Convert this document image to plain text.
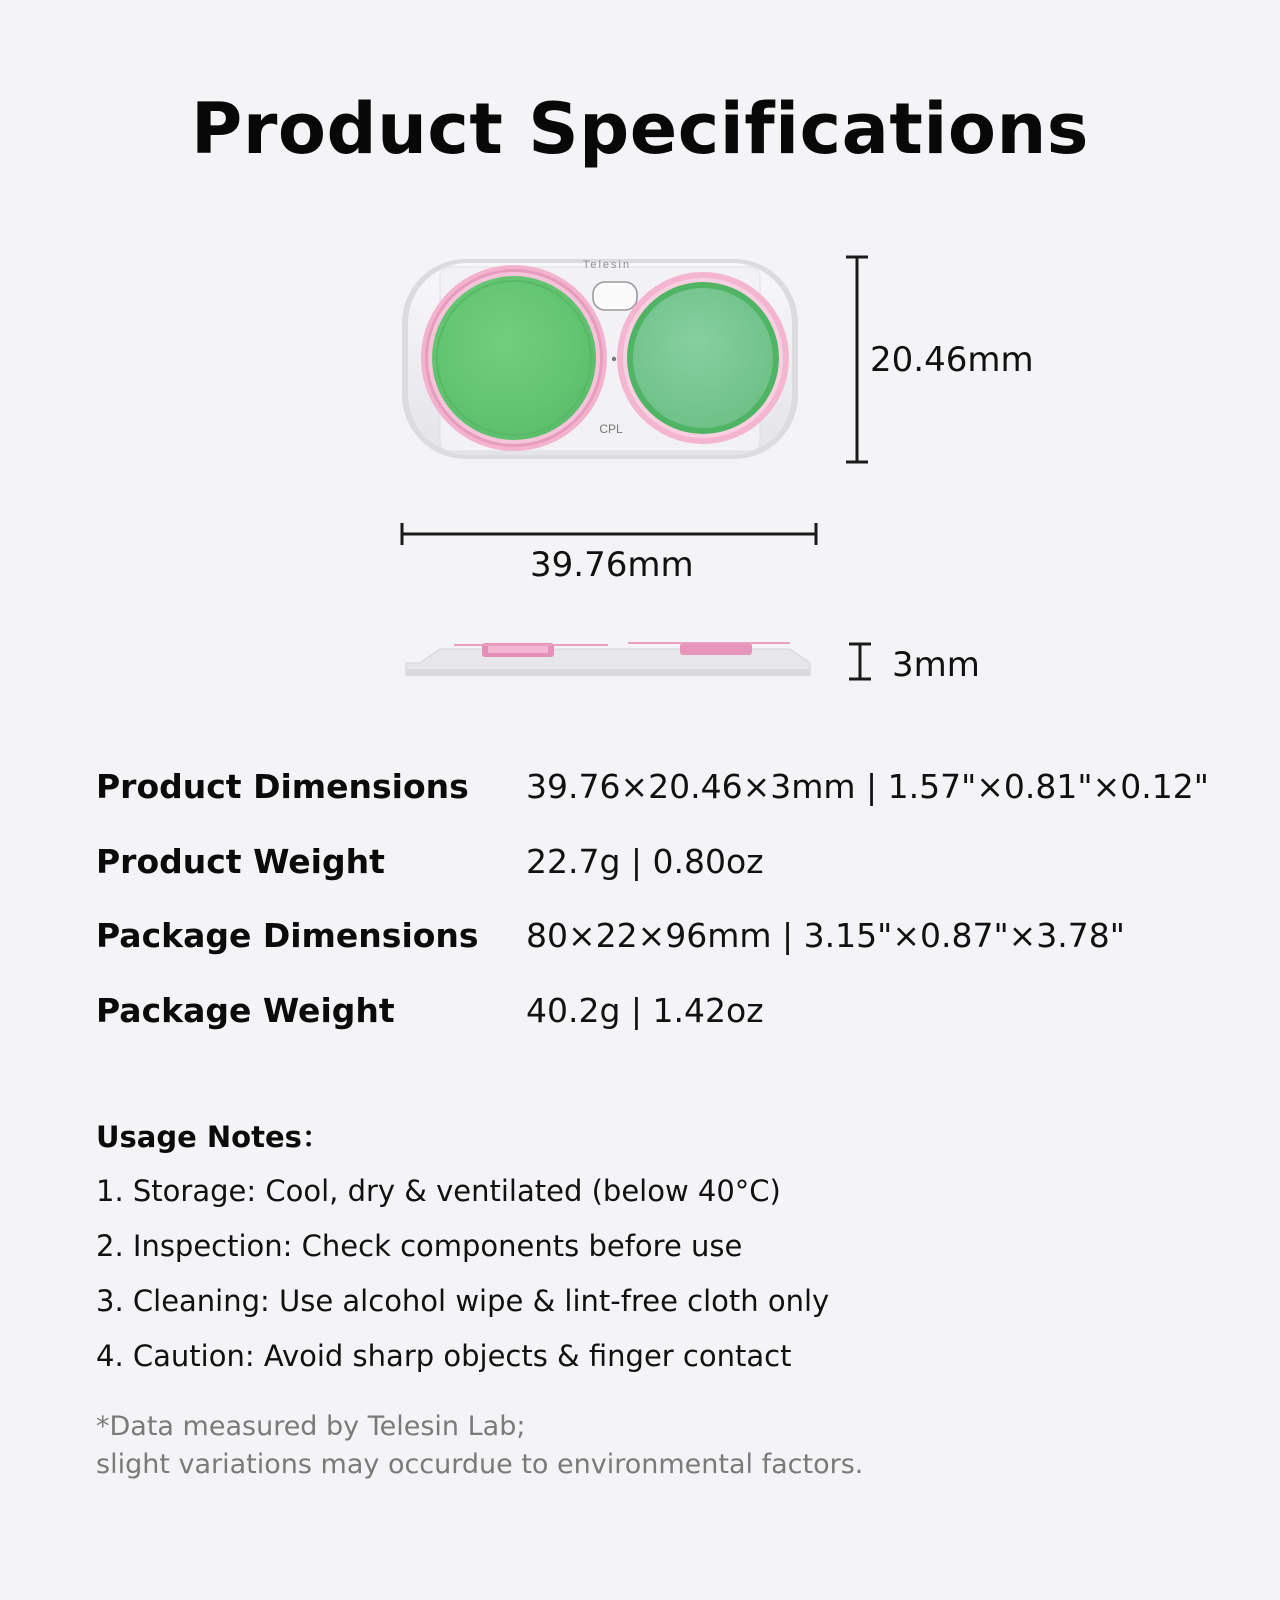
Product Specifications
Telesin
CPL
20.46mm
39.76mm
3mm
Product Dimensions	39.76×20.46×3mm | 1.57"×0.81"×0.12"
Product Weight	22.7g | 0.80oz
Package Dimensions	80×22×96mm | 3.15"×0.87"×3.78"
Package Weight	40.2g | 1.42oz
Usage Notes：
1. Storage: Cool, dry & ventilated (below 40°C)
2. Inspection: Check components before use
3. Cleaning: Use alcohol wipe & lint-free cloth only
4. Caution: Avoid sharp objects & finger contact
*Data measured by Telesin Lab;
slight variations may occurdue to environmental factors.
